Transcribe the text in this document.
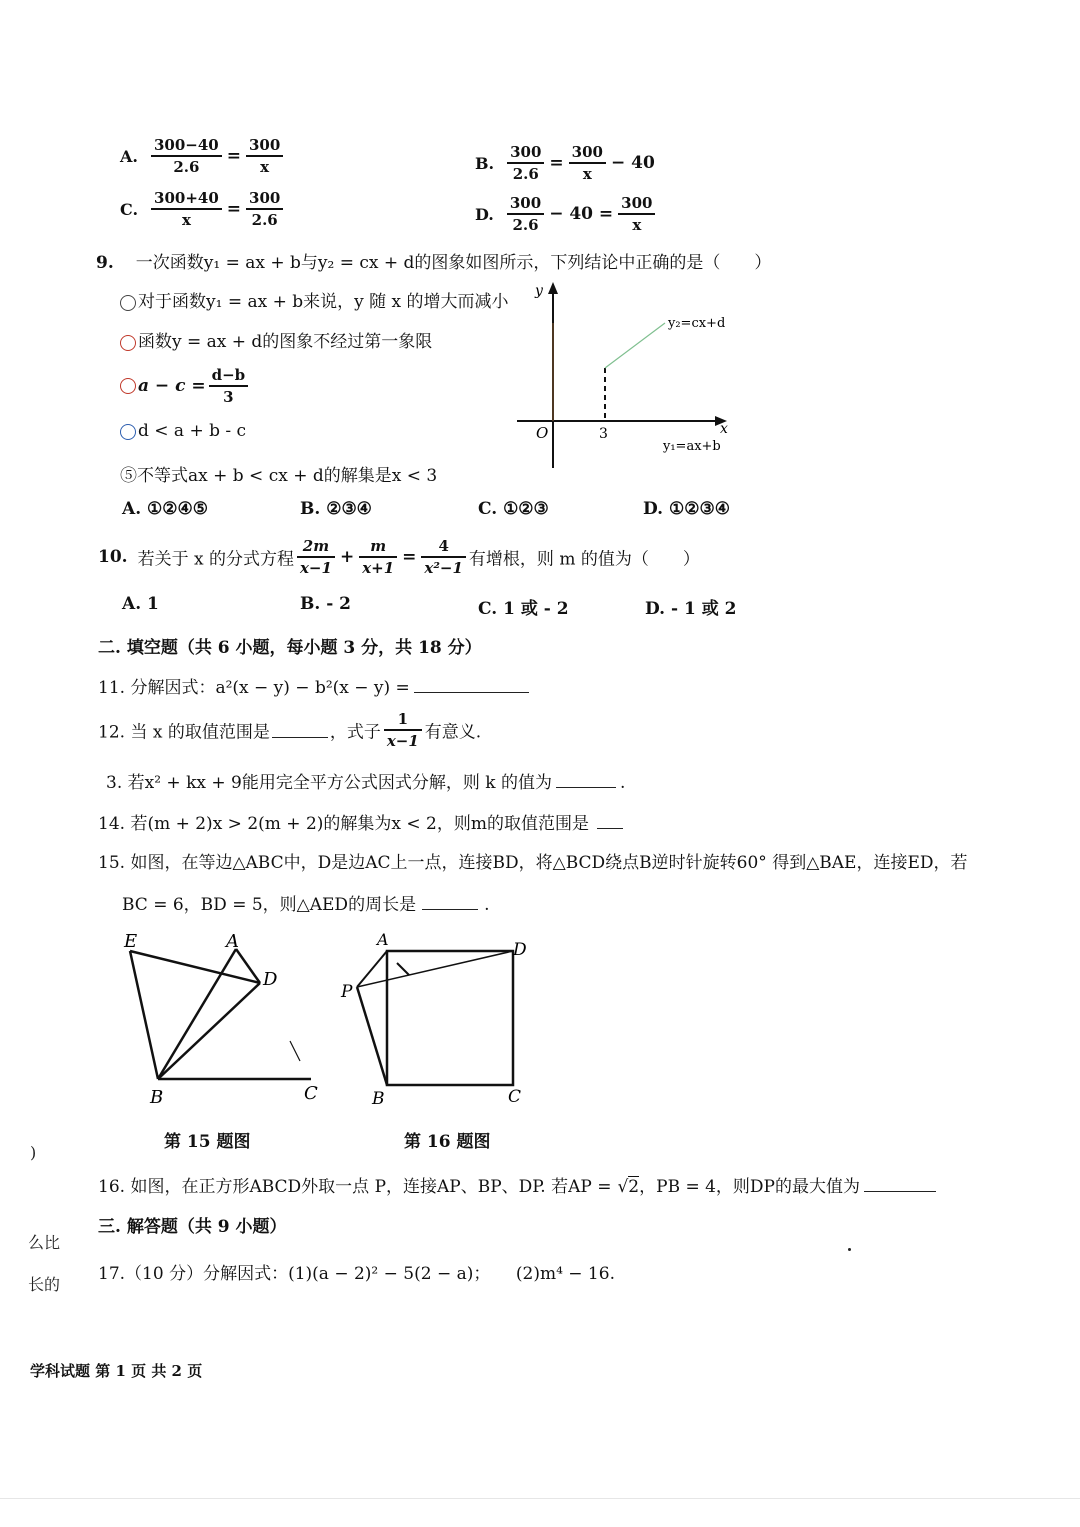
A. $\frac{300-40}{2.6} = \frac{300}{x}$	B. $\frac{300}{2.6} = \frac{300}{x} - 40$
C. $\frac{300+40}{x} = \frac{300}{2.6}$	D. $\frac{300}{2.6} - 40 = \frac{300}{x}$
9. 一次函数y₁ = ax + b与y₂ = cx + d的图象如图所示，下列结论中正确的是（　　）
对于函数y₁ = ax + b来说，y 随 x 的增大而减小
函数y = ax + d的图象不经过第一象限
$a - c = \frac{d-b}{3}$
d < a + b - c
⑤不等式ax + b < cx + d的解集是x < 3
y
x
O	3
y₂=cx+d
y₁=ax+b
A. ①②④⑤	B. ②③④	C. ①②③	D. ①②③④
10. 若关于 x 的分式方程 $\frac{2m}{x-1} + \frac{m}{x+1} = \frac{4}{\text{x²−1}}$ 有增根，则 m 的值为（　　）
A. 1	B. - 2	C. 1 或 - 2	D. - 1 或 2
二. 填空题（共 6 小题，每小题 3 分，共 18 分）
11. 分解因式：a²(x − y) − b²(x − y) =
12. 当 x 的取值范围是	，式子 $\frac{1}{x-1}$ 有意义.
3. 若x² + kx + 9能用完全平方公式因式分解，则 k 的值为	.
14. 若(m + 2)x > 2(m + 2)的解集为x < 2，则m的取值范围是
15. 如图，在等边△ABC中，D是边AC上一点，连接BD，将△BCD绕点B逆时针旋转60° 得到△BAE，连接ED，若
BC = 6，BD = 5，则△AED的周长是	.
E	A
D
B	C
第 15 题图
A
D
P
B	C
第 16 题图
)
么比
长的
16. 如图，在正方形ABCD外取一点 P，连接AP、BP、DP. 若AP = √2，PB = 4，则DP的最大值为
三. 解答题（共 9 小题）
17.（10 分）分解因式：(1)(a − 2)² − 5(2 − a)；　　(2)m⁴ − 16.
学科试题 第 1 页 共 2 页
